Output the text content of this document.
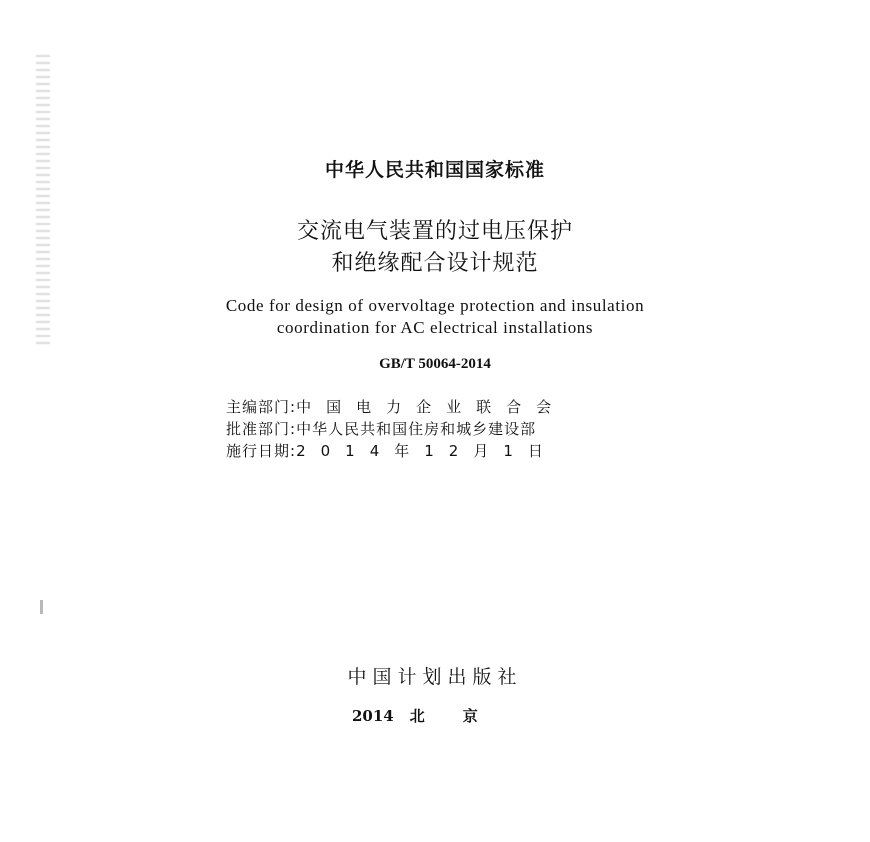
中华人民共和国国家标准
交流电气装置的过电压保护
和绝缘配合设计规范
Code for design of overvoltage protection and insulation
coordination for AC electrical installations
GB/T 50064-2014
主编部门:中国电力企业联合会
批准部门:中华人民共和国住房和城乡建设部
施行日期:2014年12月1日
中国计划出版社
2014 北京
